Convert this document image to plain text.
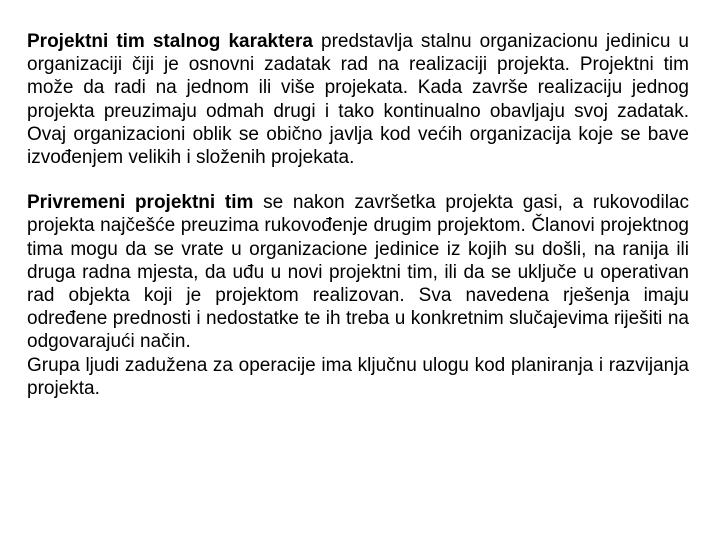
Projektni tim stalnog karaktera predstavlja stalnu organizacionu jedinicu u organizaciji čiji je osnovni zadatak rad na realizaciji projekta. Projektni tim može da radi na jednom ili više projekata. Kada završe realizaciju jednog projekta preuzimaju odmah drugi i tako kontinualno obavljaju svoj zadatak. Ovaj organizacioni oblik se obično javlja kod većih organizacija koje se bave izvođenjem velikih i složenih projekata.

Privremeni projektni tim se nakon završetka projekta gasi, a rukovodilac projekta najčešće preuzima rukovođenje drugim projektom. Članovi projektnog tima mogu da se vrate u organizacione jedinice iz kojih su došli, na ranija ili druga radna mjesta, da uđu u novi projektni tim, ili da se uključe u operativan rad objekta koji je projektom realizovan. Sva navedena rješenja imaju određene prednosti i nedostatke te ih treba u konkretnim slučajevima riješiti na odgovarajući način.

Grupa ljudi zadužena za operacije ima ključnu ulogu kod planiranja i razvijanja projekta.
